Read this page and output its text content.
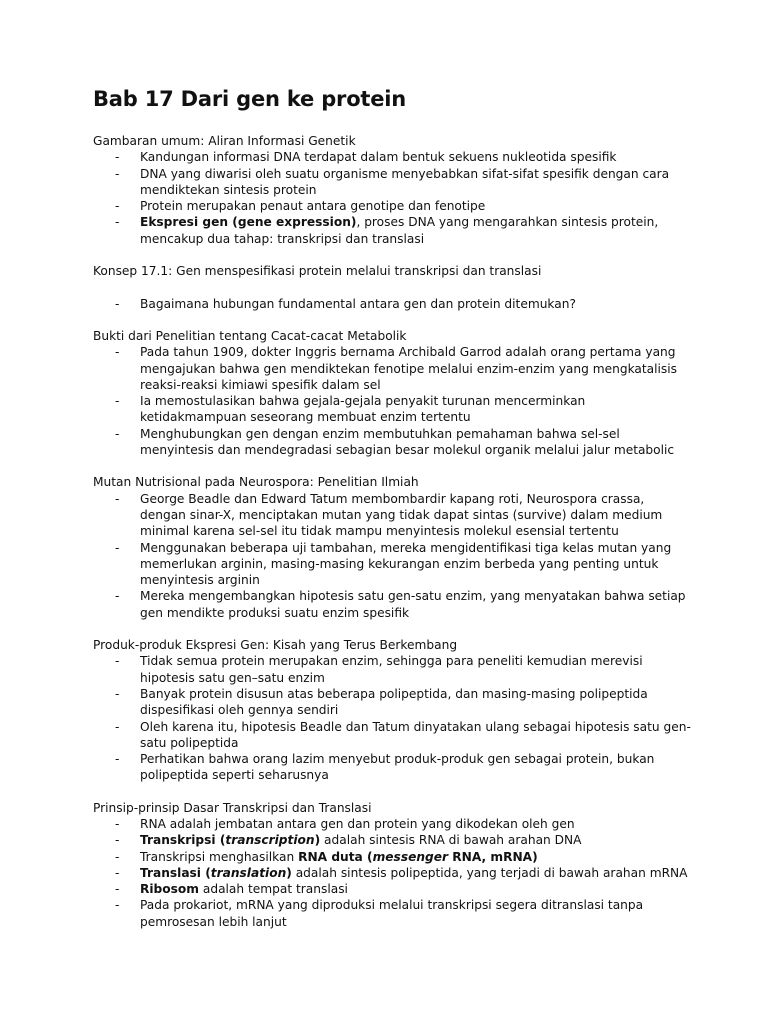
Bab 17 Dari gen ke protein

Gambaran umum: Aliran Informasi Genetik

- Kandungan informasi DNA terdapat dalam bentuk sekuens nukleotida spesifik
- DNA yang diwarisi oleh suatu organisme menyebabkan sifat-sifat spesifik dengan cara mendiktekan sintesis protein
- Protein merupakan penaut antara genotipe dan fenotipe
- Ekspresi gen (gene expression), proses DNA yang mengarahkan sintesis protein, mencakup dua tahap: transkripsi dan translasi

Konsep 17.1: Gen menspesifikasi protein melalui transkripsi dan translasi

- Bagaimana hubungan fundamental antara gen dan protein ditemukan?

Bukti dari Penelitian tentang Cacat-cacat Metabolik

- Pada tahun 1909, dokter Inggris bernama Archibald Garrod adalah orang pertama yang mengajukan bahwa gen mendiktekan fenotipe melalui enzim-enzim yang mengkatalisis reaksi-reaksi kimiawi spesifik dalam sel
- Ia memostulasikan bahwa gejala-gejala penyakit turunan mencerminkan ketidakmampuan seseorang membuat enzim tertentu
- Menghubungkan gen dengan enzim membutuhkan pemahaman bahwa sel-sel menyintesis dan mendegradasi sebagian besar molekul organik melalui jalur metabolic

Mutan Nutrisional pada Neurospora: Penelitian Ilmiah

- George Beadle dan Edward Tatum membombardir kapang roti, Neurospora crassa, dengan sinar-X, menciptakan mutan yang tidak dapat sintas (survive) dalam medium minimal karena sel-sel itu tidak mampu menyintesis molekul esensial tertentu
- Menggunakan beberapa uji tambahan, mereka mengidentifikasi tiga kelas mutan yang memerlukan arginin, masing-masing kekurangan enzim berbeda yang penting untuk menyintesis arginin
- Mereka mengembangkan hipotesis satu gen-satu enzim, yang menyatakan bahwa setiap gen mendikte produksi suatu enzim spesifik

Produk-produk Ekspresi Gen: Kisah yang Terus Berkembang

- Tidak semua protein merupakan enzim, sehingga para peneliti kemudian merevisi hipotesis satu gen–satu enzim
- Banyak protein disusun atas beberapa polipeptida, dan masing-masing polipeptida dispesifikasi oleh gennya sendiri
- Oleh karena itu, hipotesis Beadle dan Tatum dinyatakan ulang sebagai hipotesis satu gen-satu polipeptida
- Perhatikan bahwa orang lazim menyebut produk-produk gen sebagai protein, bukan polipeptida seperti seharusnya

Prinsip-prinsip Dasar Transkripsi dan Translasi

- RNA adalah jembatan antara gen dan protein yang dikodekan oleh gen
- Transkripsi (transcription) adalah sintesis RNA di bawah arahan DNA
- Transkripsi menghasilkan RNA duta (messenger RNA, mRNA)
- Translasi (translation) adalah sintesis polipeptida, yang terjadi di bawah arahan mRNA
- Ribosom adalah tempat translasi
- Pada prokariot, mRNA yang diproduksi melalui transkripsi segera ditranslasi tanpa pemrosesan lebih lanjut
